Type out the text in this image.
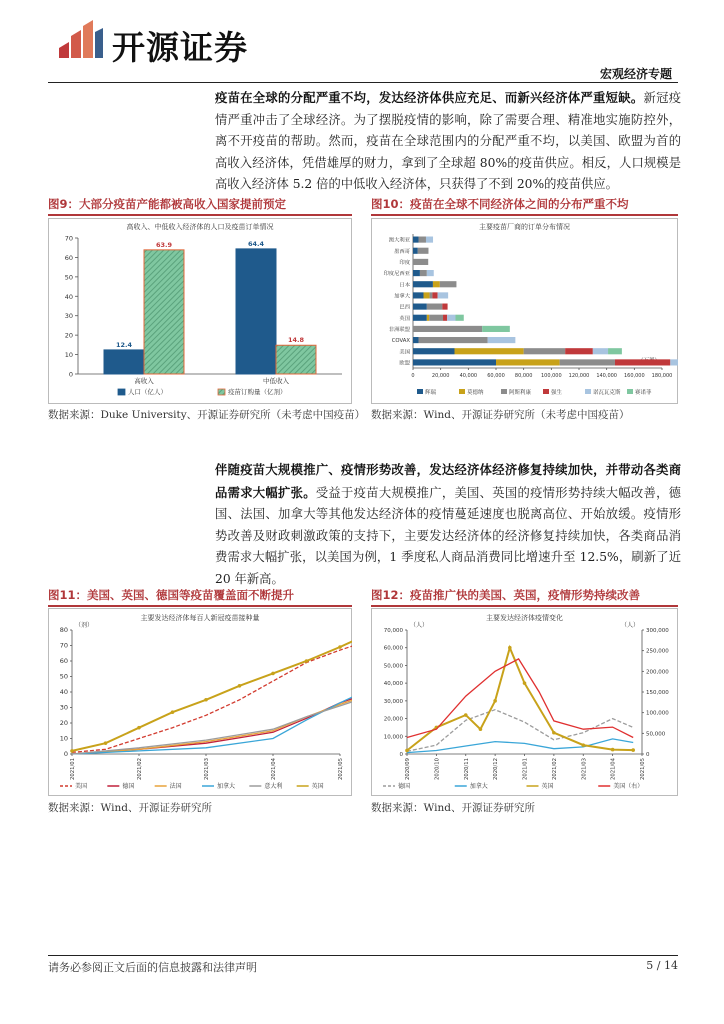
开源证券
宏观经济专题
疫苗在全球的分配严重不均，发达经济体供应充足、而新兴经济体严重短缺。新冠疫情严重冲击了全球经济。为了摆脱疫情的影响，除了需要合理、精准地实施防控外，离不开疫苗的帮助。然而，疫苗在全球范围内的分配严重不均，以美国、欧盟为首的高收入经济体，凭借雄厚的财力，拿到了全球超 80%的疫苗供应。相反，人口规模是高收入经济体 5.2 倍的中低收入经济体，只获得了不到 20%的疫苗供应。
图9：大部分疫苗产能都被高收入国家提前预定
高收入、中低收入经济体的人口及疫苗订单情况
0
10
20
30
40
50
60
70
12.4
63.9
高收入
64.4
14.8
中低收入
人口（亿人）	疫苗订购量（亿剂）
数据来源：Duke University、开源证券研究所（未考虑中国疫苗）
图10：疫苗在全球不同经济体之间的分布严重不均
主要疫苗厂商的订单分布情况
0	20,000 40,000 60,000 80,000 100,000 120,000 140,000 160,000 180,000
澳大利亚
墨西哥
印度
印度尼西亚
日本
加拿大
巴西
英国
非洲联盟
COVAX
美国
欧盟
辉瑞	莫德纳	阿斯利康	强生	诺瓦瓦克斯	赛诺菲
数据来源：Wind、开源证券研究所（未考虑中国疫苗）
伴随疫苗大规模推广、疫情形势改善，发达经济体经济修复持续加快，并带动各类商品需求大幅扩张。受益于疫苗大规模推广，美国、英国的疫情形势持续大幅改善，德国、法国、加拿大等其他发达经济体的疫情蔓延速度也脱离高位、开始放缓。疫情形势改善及财政刺激政策的支持下，主要发达经济体的经济修复持续加快，各类商品消费需求大幅扩张，以美国为例，1 季度私人商品消费同比增速升至 12.5%，刷新了近 20 年新高。
图11：美国、英国、德国等疫苗覆盖面不断提升
主要发达经济体每百人新冠疫苗接种量
（剂）
0
10
20
30
40
50
60
70
80
2021/01	2021/02	2021/03	2021/04	2021/05
美国	德国	法国	加拿大	意大利	英国
数据来源：Wind、开源证券研究所
图12：疫苗推广快的美国、英国，疫情形势持续改善
主要发达经济体疫情变化
（人）	（人）
0
10,000
20,000
30,000
40,000
50,000
60,000
70,000
0
50,000
100,000
150,000
200,000
250,000
300,000
2020/09	2020/10	2020/11	2020/12	2021/01	2021/02	2021/03	2021/04	2021/05
德国	加拿大	英国	美国（右）
数据来源：Wind、开源证券研究所
请务必参阅正文后面的信息披露和法律声明	5 / 14
